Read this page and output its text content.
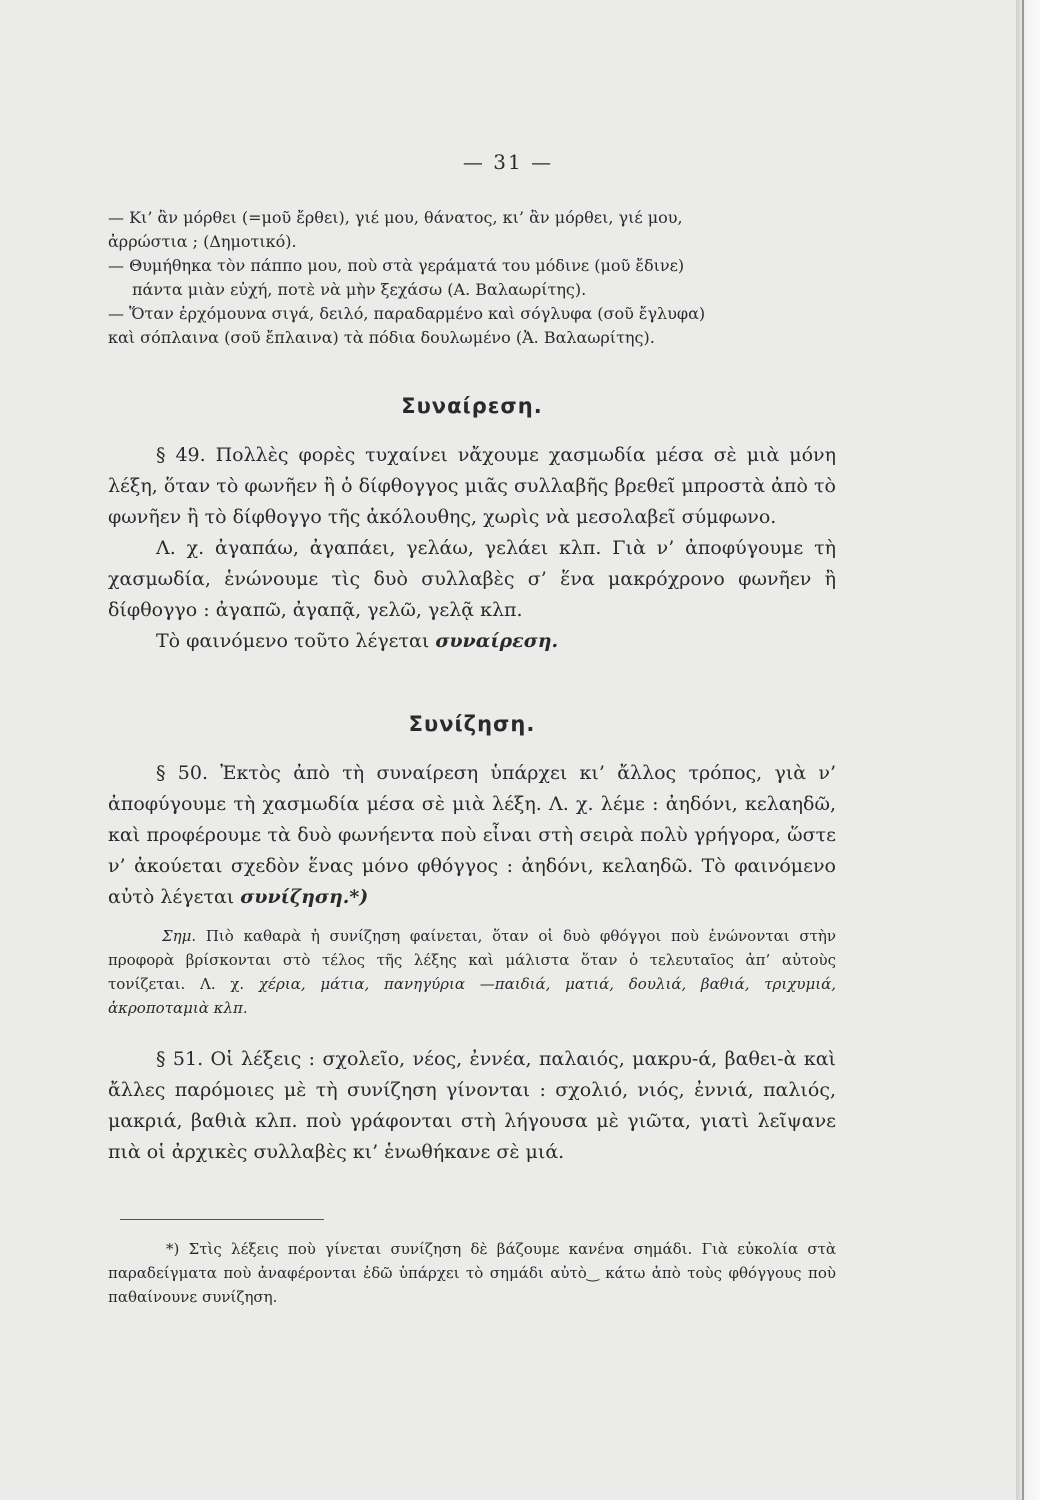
— 31 —

— Κι’ ἂν μόρθει (=μοῦ ἔρθει), γιέ μου, θάνατος, κι’ ἂν μόρθει, γιέ μου,

ἀρρώστια ; (Δημοτικό).

— Θυμήθηκα τὸν πάππο μου, ποὺ στὰ γεράματά του μόδινε (μοῦ ἔδινε)

πάντα μιὰν εὐχή, ποτὲ νὰ μὴν ξεχάσω (Α. Βαλαωρίτης).

— Ὅταν ἐρχόμουνα σιγά, δειλό, παραδαρμένο καὶ σόγλυφα (σοῦ ἔγλυφα)

καὶ σόπλαινα (σοῦ ἔπλαινα) τὰ πόδια δουλωμένο (Ἀ. Βαλαωρίτης).

Συναίρεση.

§ 49. Πολλὲς φορὲς τυχαίνει νἄχουμε χασμωδία μέσα σὲ μιὰ μόνη λέξη, ὅταν τὸ φωνῆεν ἢ ὁ δίφθογγος μιᾶς συλλαβῆς βρεθεῖ μπροστὰ ἀπὸ τὸ φωνῆεν ἢ τὸ δίφθογγο τῆς ἀκόλουθης, χωρὶς νὰ μεσολαβεῖ σύμφωνο.

Λ. χ. ἀγαπάω, ἀγαπάει, γελάω, γελάει κλπ. Γιὰ ν’ ἀποφύγουμε τὴ χασμωδία, ἑνώνουμε τὶς δυὸ συλλαβὲς σ’ ἕνα μακρόχρονο φωνῆεν ἢ δίφθογγο : ἀγαπῶ, ἀγαπᾷ, γελῶ, γελᾷ κλπ.

Τὸ φαινόμενο τοῦτο λέγεται συναίρεση.

Συνίζηση.

§ 50. Ἐκτὸς ἀπὸ τὴ συναίρεση ὑπάρχει κι’ ἄλλος τρόπος, γιὰ ν’ ἀποφύγουμε τὴ χασμωδία μέσα σὲ μιὰ λέξη. Λ. χ. λέμε : ἀηδόνι, κελαηδῶ, καὶ προφέρουμε τὰ δυὸ φωνήεντα ποὺ εἶναι στὴ σειρὰ πολὺ γρήγορα, ὥστε ν’ ἀκούεται σχεδὸν ἕνας μόνο φθόγγος : ἀηδόνι, κελαηδῶ. Τὸ φαινόμενο αὐτὸ λέγεται συνίζηση.*)

Σημ. Πιὸ καθαρὰ ἡ συνίζηση φαίνεται, ὅταν οἱ δυὸ φθόγγοι ποὺ ἑνώνονται στὴν προφορὰ βρίσκονται στὸ τέλος τῆς λέξης καὶ μάλιστα ὅταν ὁ τελευταῖος ἀπ’ αὐτοὺς τονίζεται. Λ. χ. χέρια, μάτια, πανηγύρια —παιδιά, ματιά, δουλιά, βαθιά, τριχυμιά, ἀκροποταμιὰ κλπ.

§ 51. Οἱ λέξεις : σχολεῖο, νέος, ἐννέα, παλαιός, μακρυ-ά, βαθει-ὰ καὶ ἄλλες παρόμοιες μὲ τὴ συνίζηση γίνονται : σχολιό, νιός, ἐννιά, παλιός, μακριά, βαθιὰ κλπ. ποὺ γράφονται στὴ λήγουσα μὲ γιῶτα, γιατὶ λεῖψανε πιὰ οἱ ἀρχικὲς συλλαβὲς κι’ ἑνωθήκανε σὲ μιά.

*) Στὶς λέξεις ποὺ γίνεται συνίζηση δὲ βάζουμε κανένα σημάδι. Γιὰ εὐκολία στὰ παραδείγματα ποὺ ἀναφέρονται ἐδῶ ὑπάρχει τὸ σημάδι αὐτὸ‿ κάτω ἀπὸ τοὺς φθόγγους ποὺ παθαίνουνε συνίζηση.
